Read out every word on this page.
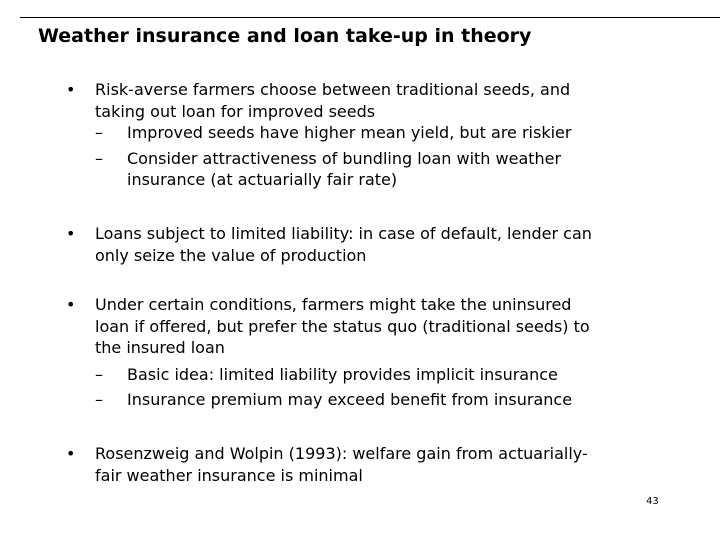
Weather insurance and loan take-up in theory
• Risk-averse farmers choose between traditional seeds, and
taking out loan for improved seeds
– Improved seeds have higher mean yield, but are riskier
– Consider attractiveness of bundling loan with weather
insurance (at actuarially fair rate)
• Loans subject to limited liability: in case of default, lender can
only seize the value of production
• Under certain conditions, farmers might take the uninsured
loan if offered, but prefer the status quo (traditional seeds) to
the insured loan
– Basic idea: limited liability provides implicit insurance
– Insurance premium may exceed benefit from insurance
• Rosenzweig and Wolpin (1993): welfare gain from actuarially-
fair weather insurance is minimal
43
